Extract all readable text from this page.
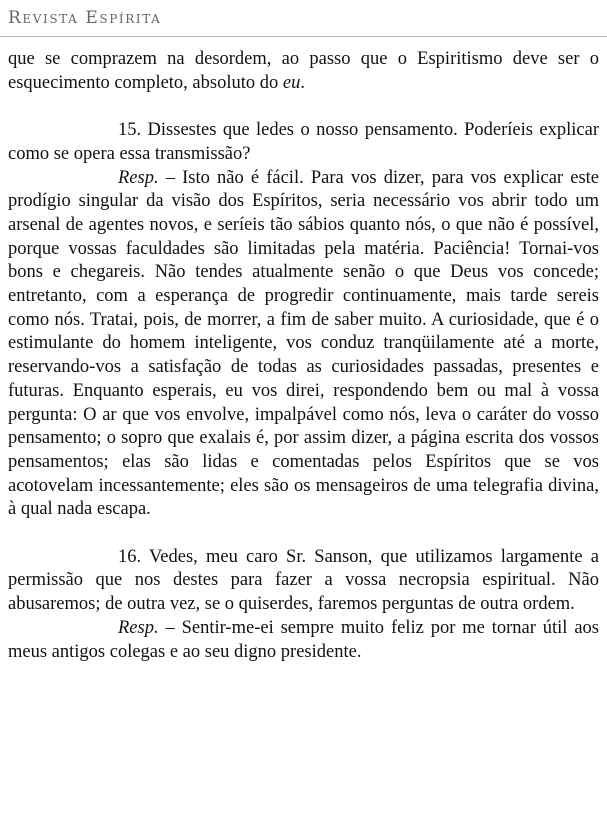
Revista Espírita

que se comprazem na desordem, ao passo que o Espiritismo deve ser o esquecimento completo, absoluto do eu.

15. Dissestes que ledes o nosso pensamento. Poderíeis explicar como se opera essa transmissão?

Resp. – Isto não é fácil. Para vos dizer, para vos explicar este prodígio singular da visão dos Espíritos, seria necessário vos abrir todo um arsenal de agentes novos, e seríeis tão sábios quanto nós, o que não é possível, porque vossas faculdades são limitadas pela matéria. Paciência! Tornai-vos bons e chegareis. Não tendes atualmente senão o que Deus vos concede; entretanto, com a esperança de progredir continuamente, mais tarde sereis como nós. Tratai, pois, de morrer, a fim de saber muito. A curiosidade, que é o estimulante do homem inteligente, vos conduz tranqüilamente até a morte, reservando-vos a satisfação de todas as curiosidades passadas, presentes e futuras. Enquanto esperais, eu vos direi, respondendo bem ou mal à vossa pergunta: O ar que vos envolve, impalpável como nós, leva o caráter do vosso pensamento; o sopro que exalais é, por assim dizer, a página escrita dos vossos pensamentos; elas são lidas e comentadas pelos Espíritos que se vos acotovelam incessantemente; eles são os mensageiros de uma telegrafia divina, à qual nada escapa.

16. Vedes, meu caro Sr. Sanson, que utilizamos largamente a permissão que nos destes para fazer a vossa necropsia espiritual. Não abusaremos; de outra vez, se o quiserdes, faremos perguntas de outra ordem.

Resp. – Sentir-me-ei sempre muito feliz por me tornar útil aos meus antigos colegas e ao seu digno presidente.
